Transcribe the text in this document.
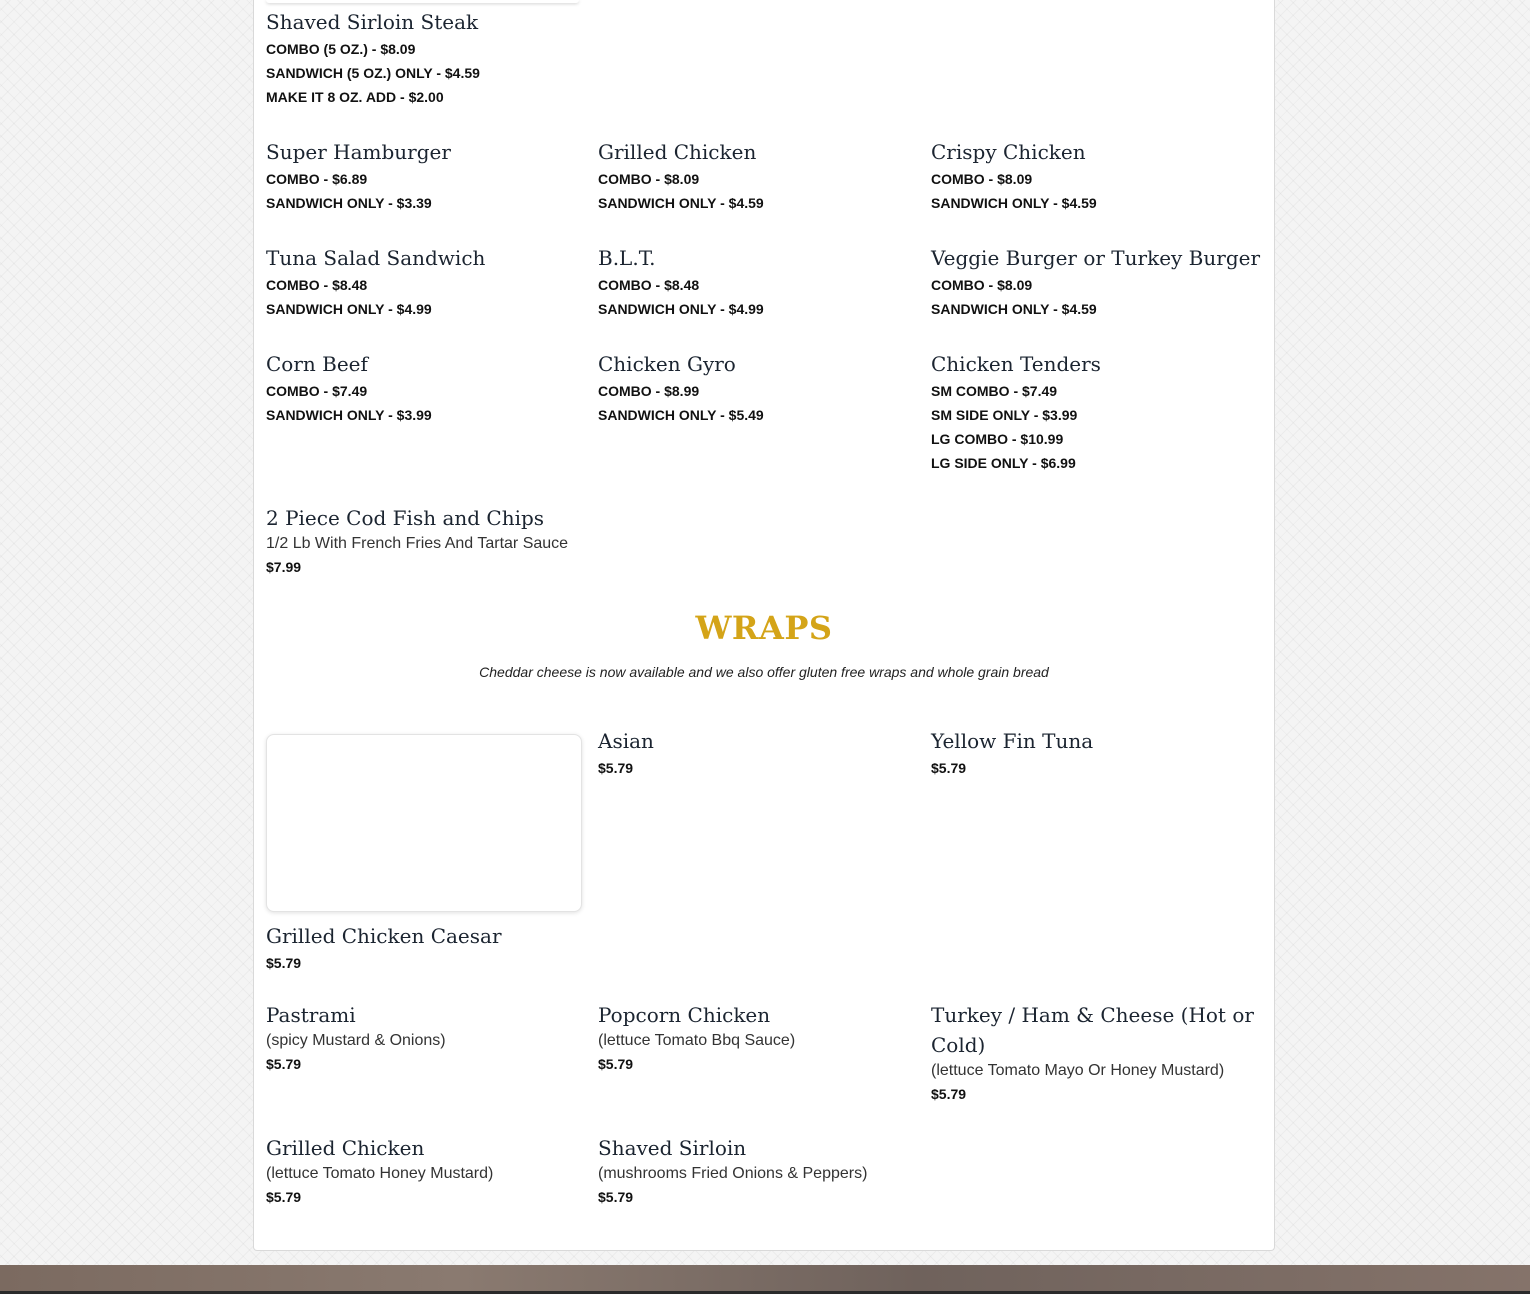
Shaved Sirloin Steak

COMBO (5 OZ.) - $8.09

SANDWICH (5 OZ.) ONLY - $4.59

MAKE IT 8 OZ. ADD - $2.00

Super Hamburger

COMBO - $6.89

SANDWICH ONLY - $3.39

Grilled Chicken

COMBO - $8.09

SANDWICH ONLY - $4.59

Crispy Chicken

COMBO - $8.09

SANDWICH ONLY - $4.59

Tuna Salad Sandwich

COMBO - $8.48

SANDWICH ONLY - $4.99

B.L.T.

COMBO - $8.48

SANDWICH ONLY - $4.99

Veggie Burger or Turkey Burger

COMBO - $8.09

SANDWICH ONLY - $4.59

Corn Beef

COMBO - $7.49

SANDWICH ONLY - $3.99

Chicken Gyro

COMBO - $8.99

SANDWICH ONLY - $5.49

Chicken Tenders

SM COMBO - $7.49

SM SIDE ONLY - $3.99

LG COMBO - $10.99

LG SIDE ONLY - $6.99

2 Piece Cod Fish and Chips

1/2 Lb With French Fries And Tartar Sauce

$7.99

WRAPS

Cheddar cheese is now available and we also offer gluten free wraps and whole grain bread

Asian

$5.79

Yellow Fin Tuna

$5.79

Grilled Chicken Caesar

$5.79

Pastrami

(spicy Mustard & Onions)

$5.79

Popcorn Chicken

(lettuce Tomato Bbq Sauce)

$5.79

Turkey / Ham & Cheese (Hot or Cold)

(lettuce Tomato Mayo Or Honey Mustard)

$5.79

Grilled Chicken

(lettuce Tomato Honey Mustard)

$5.79

Shaved Sirloin

(mushrooms Fried Onions & Peppers)

$5.79
